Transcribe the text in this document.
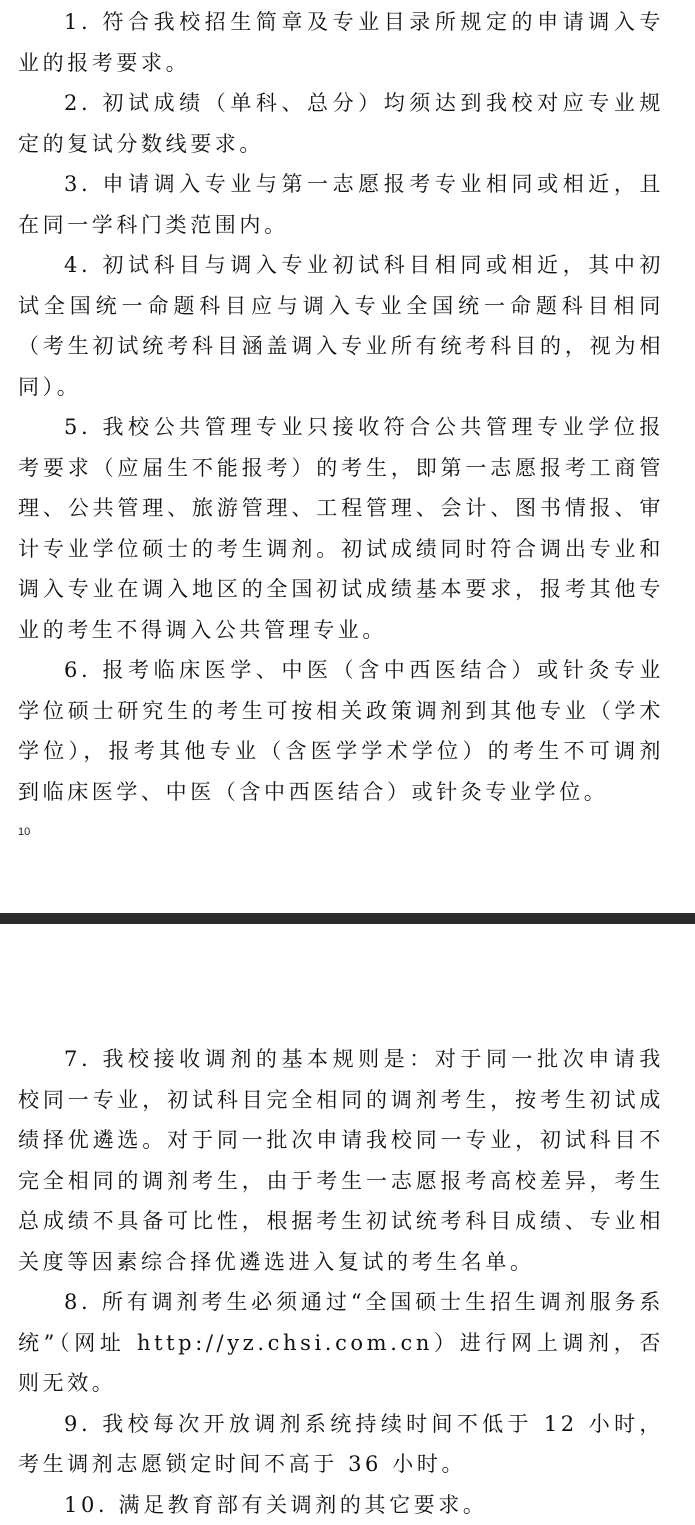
1. 符合我校招生简章及专业目录所规定的申请调入专业的报考要求。

2. 初试成绩（单科、总分）均须达到我校对应专业规定的复试分数线要求。

3. 申请调入专业与第一志愿报考专业相同或相近，且在同一学科门类范围内。

4. 初试科目与调入专业初试科目相同或相近，其中初试全国统一命题科目应与调入专业全国统一命题科目相同（考生初试统考科目涵盖调入专业所有统考科目的，视为相同）。

5. 我校公共管理专业只接收符合公共管理专业学位报考要求（应届生不能报考）的考生，即第一志愿报考工商管理、公共管理、旅游管理、工程管理、会计、图书情报、审计专业学位硕士的考生调剂。初试成绩同时符合调出专业和调入专业在调入地区的全国初试成绩基本要求，报考其他专业的考生不得调入公共管理专业。

6. 报考临床医学、中医（含中西医结合）或针灸专业学位硕士研究生的考生可按相关政策调剂到其他专业（学术学位），报考其他专业（含医学学术学位）的考生不可调剂到临床医学、中医（含中西医结合）或针灸专业学位。

10

7. 我校接收调剂的基本规则是：对于同一批次申请我校同一专业，初试科目完全相同的调剂考生，按考生初试成绩择优遴选。对于同一批次申请我校同一专业，初试科目不完全相同的调剂考生，由于考生一志愿报考高校差异，考生总成绩不具备可比性，根据考生初试统考科目成绩、专业相关度等因素综合择优遴选进入复试的考生名单。

8. 所有调剂考生必须通过“全国硕士生招生调剂服务系统”（网址 http://yz.chsi.com.cn）进行网上调剂，否则无效。

9. 我校每次开放调剂系统持续时间不低于 12 小时，考生调剂志愿锁定时间不高于 36 小时。

10. 满足教育部有关调剂的其它要求。
